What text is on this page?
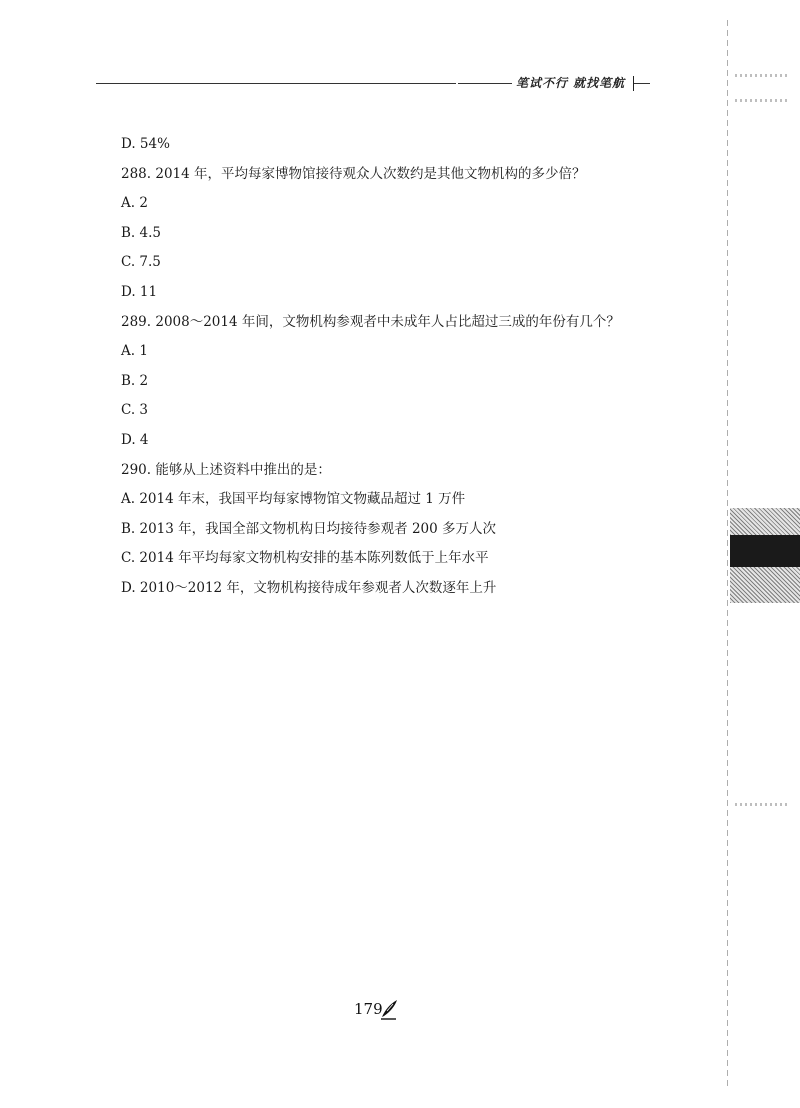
笔试不行 就找笔航
D. 54%
288. 2014 年，平均每家博物馆接待观众人次数约是其他文物机构的多少倍？
A. 2
B. 4.5
C. 7.5
D. 11
289. 2008～2014 年间，文物机构参观者中未成年人占比超过三成的年份有几个？
A. 1
B. 2
C. 3
D. 4
290. 能够从上述资料中推出的是：
A. 2014 年末，我国平均每家博物馆文物藏品超过 1 万件
B. 2013 年，我国全部文物机构日均接待参观者 200 多万人次
C. 2014 年平均每家文物机构安排的基本陈列数低于上年水平
D. 2010～2012 年，文物机构接待成年参观者人次数逐年上升
179
